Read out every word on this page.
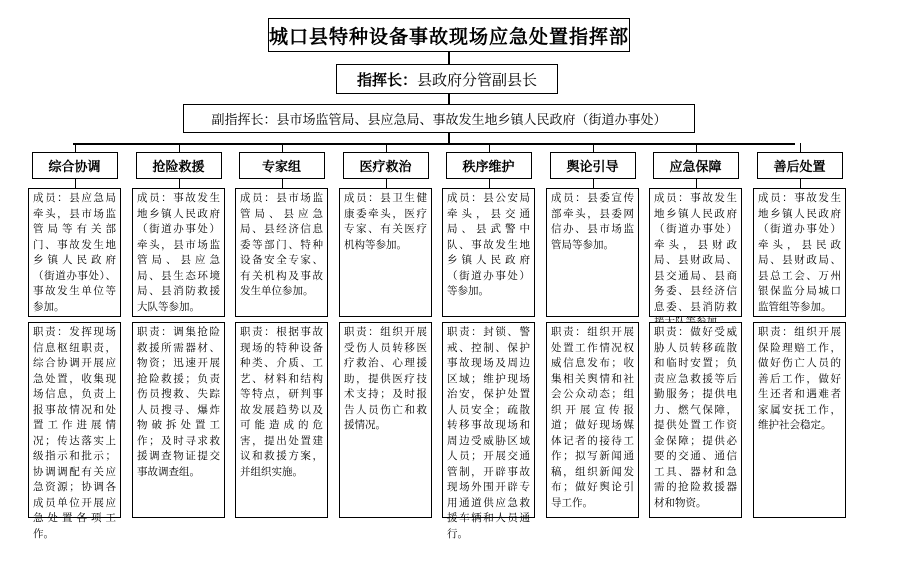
城口县特种设备事故现场应急处置指挥部
指挥长： 县政府分管副县长
副指挥长： 县市场监管局、县应急局、事故发生地乡镇人民政府（街道办事处）
综合协调
成员：县应急局牵头，县市场监管局等有关部门、事故发生地乡镇人民政府（街道办事处）、事故发生单位等参加。
职责：发挥现场信息枢纽职责，综合协调开展应急处置，收集现场信息，负责上报事故情况和处置工作进展情况；传达落实上级指示和批示；协调调配有关应急资源；协调各成员单位开展应急处置各项工作。
抢险救援
成员：事故发生地乡镇人民政府（街道办事处）牵头，县市场监管局、县应急局、县生态环境局、县消防救援大队等参加。
职责：调集抢险救援所需器材、物资；迅速开展抢险救援；负责伤员搜救、失踪人员搜寻、爆炸物破拆处置工作；及时寻求救援调查物证提交事故调查组。
专家组
成员：县市场监管局、县应急局、县经济信息委等部门、特种设备安全专家、有关机构及事故发生单位参加。
职责：根据事故现场的特种设备种类、介质、工艺、材料和结构等特点，研判事故发展趋势以及可能造成的危害，提出处置建议和救援方案，并组织实施。
医疗救治
成员：县卫生健康委牵头，医疗专家、有关医疗机构等参加。
职责：组织开展受伤人员转移医疗救治、心理援助，提供医疗技术支持；及时报告人员伤亡和救援情况。
秩序维护
成员：县公安局牵头，县交通局、县武警中队、事故发生地乡镇人民政府（街道办事处）等参加。
职责：封锁、警戒、控制、保护事故现场及周边区域；维护现场治安，保护处置人员安全；疏散转移事故现场和周边受威胁区域人员；开展交通管制，开辟事故现场外围开辟专用通道供应急救援车辆和人员通行。
舆论引导
成员：县委宣传部牵头，县委网信办、县市场监管局等参加。
职责：组织开展处置工作情况权威信息发布；收集相关舆情和社会公众动态；组织开展宣传报道；做好现场媒体记者的接待工作；拟写新闻通稿，组织新闻发布；做好舆论引导工作。
应急保障
成员：事故发生地乡镇人民政府（街道办事处）牵头，县财政局、县财政局、县交通局、县商务委、县经济信息委、县消防救
职责：做好受威胁人员转移疏散和临时安置；负责应急救援等后勤服务；提供电力、燃气保障，提供处置工作资金保障；提供必要的交通、通信工具、器材和急需的抢险救援器材和物资。
善后处置
成员：事故发生地乡镇人民政府（街道办事处）牵头，县民政局、县财政局、县总工会、万州银保监分局城口监管组等参加。
职责：组织开展保险理赔工作，做好伤亡人员的善后工作，做好生还者和遇难者家属安抚工作，维护社会稳定。
